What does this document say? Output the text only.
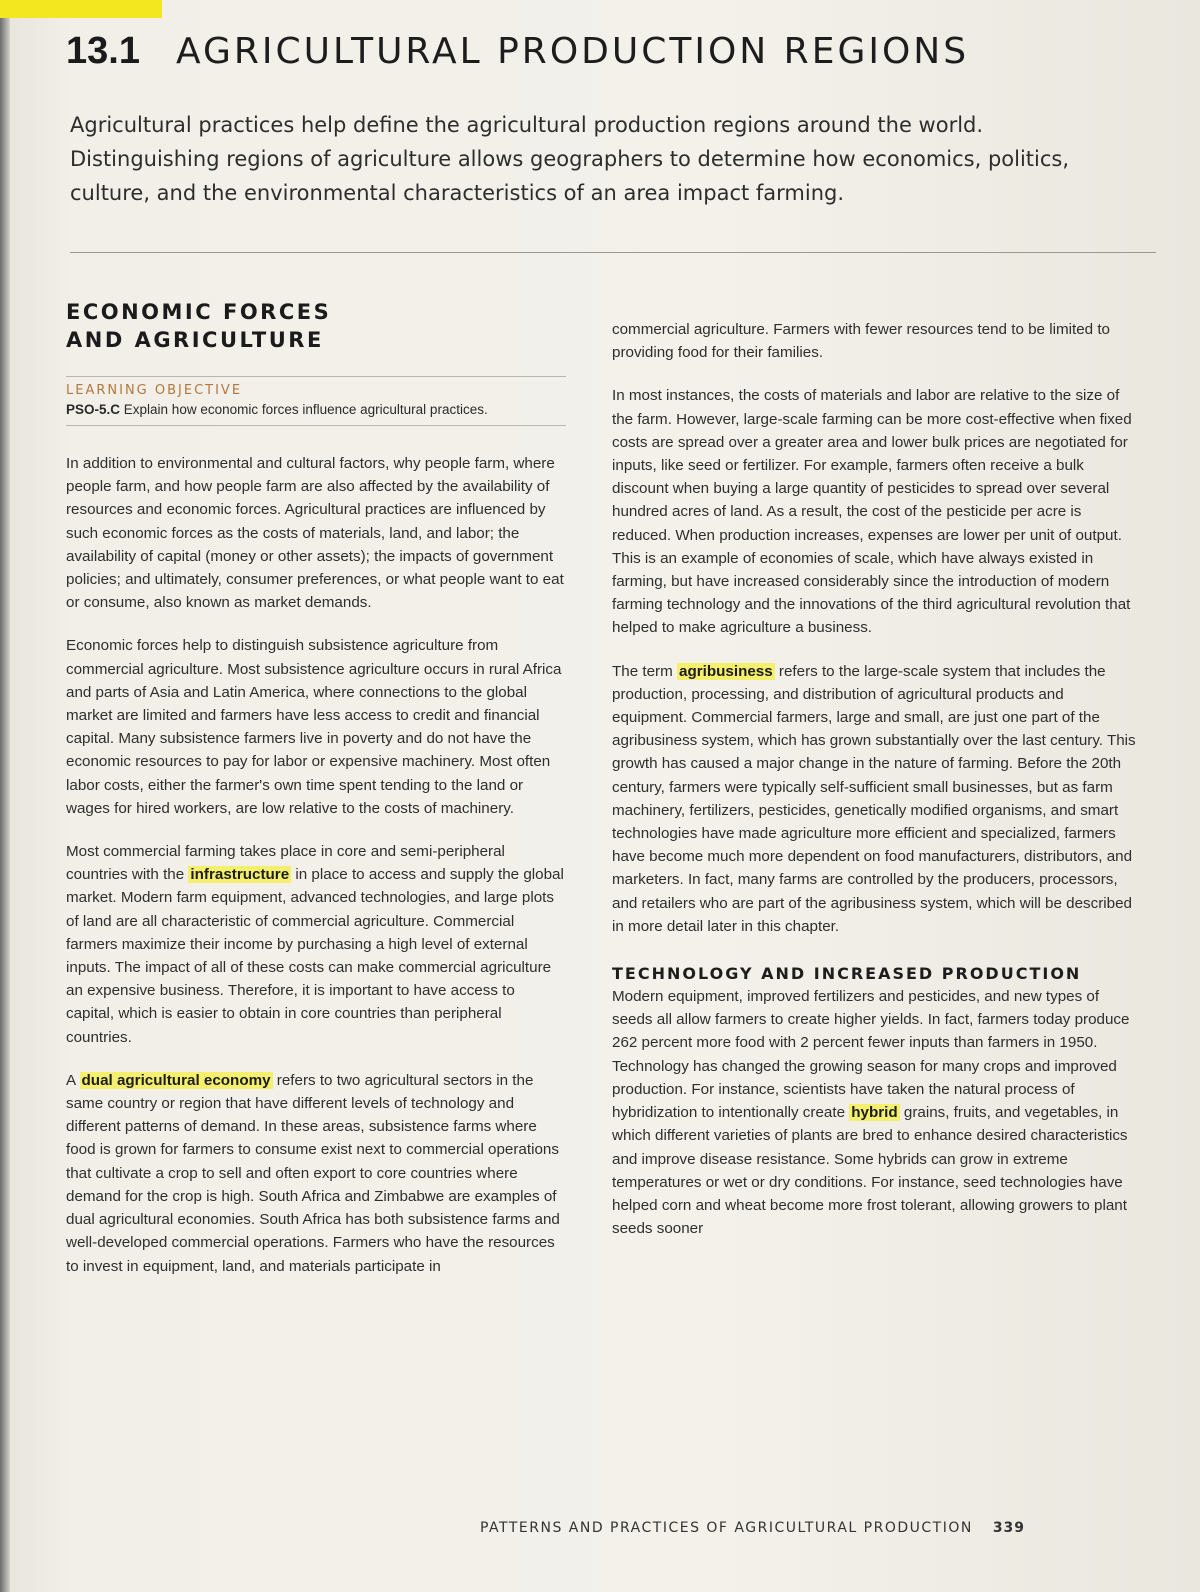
13.1 AGRICULTURAL PRODUCTION REGIONS

Agricultural practices help define the agricultural production regions around the world. Distinguishing regions of agriculture allows geographers to determine how economics, politics, culture, and the environmental characteristics of an area impact farming.

ECONOMIC FORCES
AND AGRICULTURE
LEARNING OBJECTIVE
PSO-5.C Explain how economic forces influence agricultural practices.

In addition to environmental and cultural factors, why people farm, where people farm, and how people farm are also affected by the availability of resources and economic forces. Agricultural practices are influenced by such economic forces as the costs of materials, land, and labor; the availability of capital (money or other assets); the impacts of government policies; and ultimately, consumer preferences, or what people want to eat or consume, also known as market demands.

Economic forces help to distinguish subsistence agriculture from commercial agriculture. Most subsistence agriculture occurs in rural Africa and parts of Asia and Latin America, where connections to the global market are limited and farmers have less access to credit and financial capital. Many subsistence farmers live in poverty and do not have the economic resources to pay for labor or expensive machinery. Most often labor costs, either the farmer's own time spent tending to the land or wages for hired workers, are low relative to the costs of machinery.

Most commercial farming takes place in core and semi-peripheral countries with the infrastructure in place to access and supply the global market. Modern farm equipment, advanced technologies, and large plots of land are all characteristic of commercial agriculture. Commercial farmers maximize their income by purchasing a high level of external inputs. The impact of all of these costs can make commercial agriculture an expensive business. Therefore, it is important to have access to capital, which is easier to obtain in core countries than peripheral countries.

A dual agricultural economy refers to two agricultural sectors in the same country or region that have different levels of technology and different patterns of demand. In these areas, subsistence farms where food is grown for farmers to consume exist next to commercial operations that cultivate a crop to sell and often export to core countries where demand for the crop is high. South Africa and Zimbabwe are examples of dual agricultural economies. South Africa has both subsistence farms and well-developed commercial operations. Farmers who have the resources to invest in equipment, land, and materials participate in

commercial agriculture. Farmers with fewer resources tend to be limited to providing food for their families.

In most instances, the costs of materials and labor are relative to the size of the farm. However, large-scale farming can be more cost-effective when fixed costs are spread over a greater area and lower bulk prices are negotiated for inputs, like seed or fertilizer. For example, farmers often receive a bulk discount when buying a large quantity of pesticides to spread over several hundred acres of land. As a result, the cost of the pesticide per acre is reduced. When production increases, expenses are lower per unit of output. This is an example of economies of scale, which have always existed in farming, but have increased considerably since the introduction of modern farming technology and the innovations of the third agricultural revolution that helped to make agriculture a business.

The term agribusiness refers to the large-scale system that includes the production, processing, and distribution of agricultural products and equipment. Commercial farmers, large and small, are just one part of the agribusiness system, which has grown substantially over the last century. This growth has caused a major change in the nature of farming. Before the 20th century, farmers were typically self-sufficient small businesses, but as farm machinery, fertilizers, pesticides, genetically modified organisms, and smart technologies have made agriculture more efficient and specialized, farmers have become much more dependent on food manufacturers, distributors, and marketers. In fact, many farms are controlled by the producers, processors, and retailers who are part of the agribusiness system, which will be described in more detail later in this chapter.

TECHNOLOGY AND INCREASED PRODUCTION

Modern equipment, improved fertilizers and pesticides, and new types of seeds all allow farmers to create higher yields. In fact, farmers today produce 262 percent more food with 2 percent fewer inputs than farmers in 1950. Technology has changed the growing season for many crops and improved production. For instance, scientists have taken the natural process of hybridization to intentionally create hybrid grains, fruits, and vegetables, in which different varieties of plants are bred to enhance desired characteristics and improve disease resistance. Some hybrids can grow in extreme temperatures or wet or dry conditions. For instance, seed technologies have helped corn and wheat become more frost tolerant, allowing growers to plant seeds sooner

PATTERNS AND PRACTICES OF AGRICULTURAL PRODUCTION 339
